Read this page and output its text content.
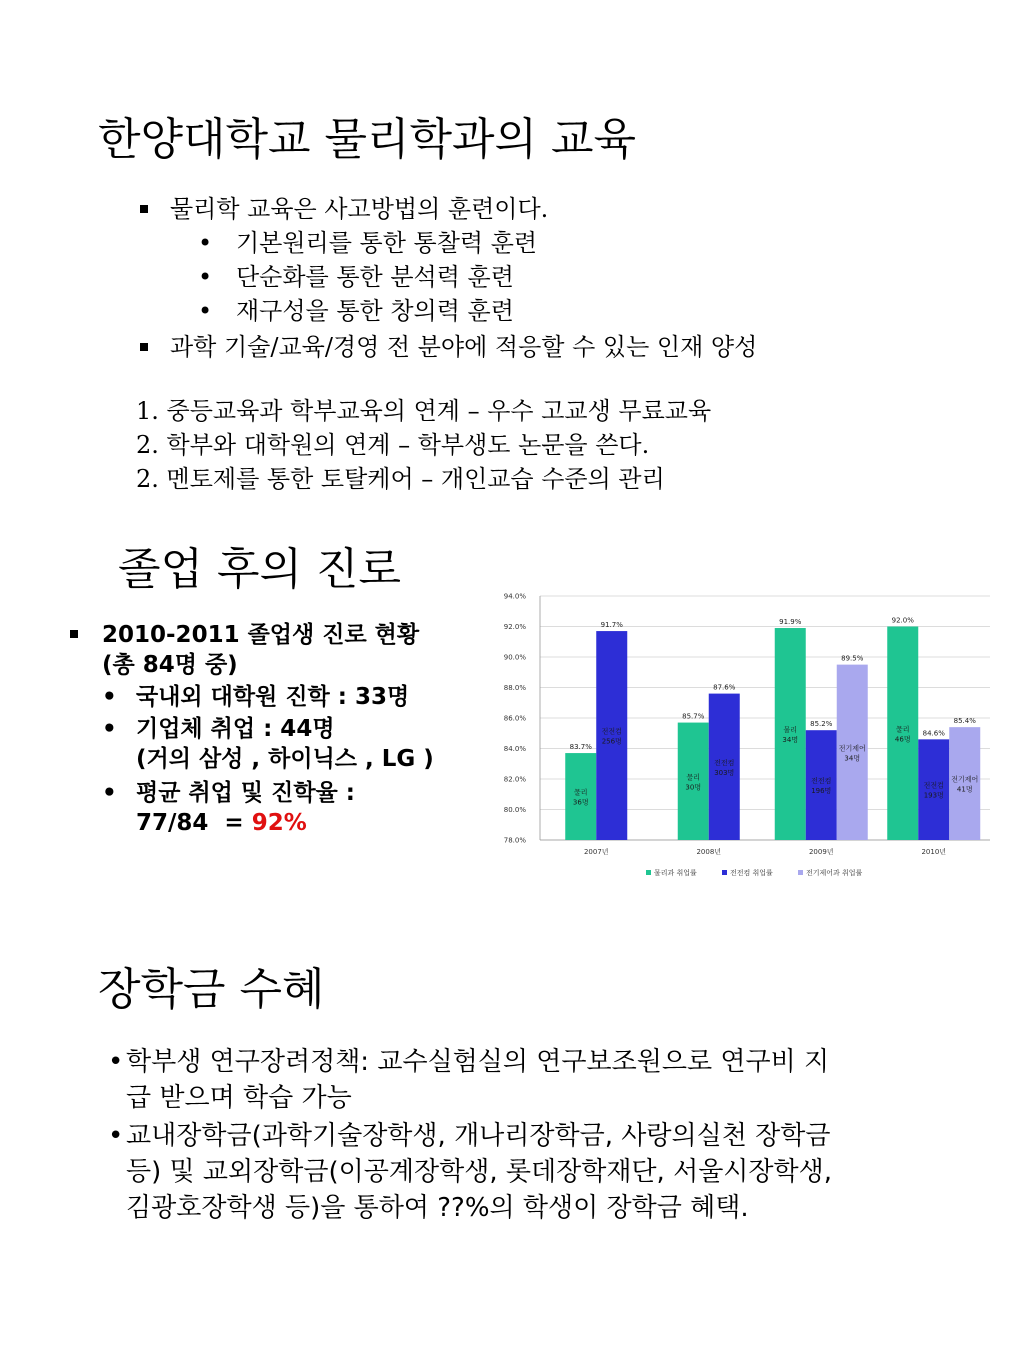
한양대학교 물리학과의 교육
물리학 교육은 사고방법의 훈련이다.
• 기본원리를 통한 통찰력 훈련
• 단순화를 통한 분석력 훈련
• 재구성을 통한 창의력 훈련
과학 기술/교육/경영 전 분야에 적응할 수 있는 인재 양성
1. 중등교육과 학부교육의 연계 – 우수 고교생 무료교육
2. 학부와 대학원의 연계 – 학부생도 논문을 쓴다.
2. 멘토제를 통한 토탈케어 – 개인교습 수준의 관리
졸업 후의 진로
2010-2011 졸업생 진로 현황
(총 84명 중)
• 국내외 대학원 진학 : 33명
• 기업체 취업 : 44명
(거의 삼성 , 하이닉스 , LG )
• 평균 취업 및 진학율 :
77/84  = 92%
78.0%
80.0%
82.0%
84.0%
86.0%
88.0%
90.0%
92.0%
94.0%
83.7%
물리
36명
91.7%
전전컴
256명
2007년
85.7%
물리
30명
87.6%
전전컴
303명
2008년
91.9%
물리
34명
85.2%
전전컴
196명
89.5%
전기제어
34명
2009년
92.0%
물리
46명
84.6%
전전컴
193명
85.4%
전기제어
41명
2010년
물리과 취업률	전전컴 취업률	전기제어과 취업률
장학금 수혜
• 학부생 연구장려정책: 교수실험실의 연구보조원으로 연구비 지
급 받으며 학습 가능
• 교내장학금(과학기술장학생, 개나리장학금, 사랑의실천 장학금
등) 및 교외장학금(이공계장학생, 롯데장학재단, 서울시장학생,
김광호장학생 등)을 통하여 ??%의 학생이 장학금 혜택.
